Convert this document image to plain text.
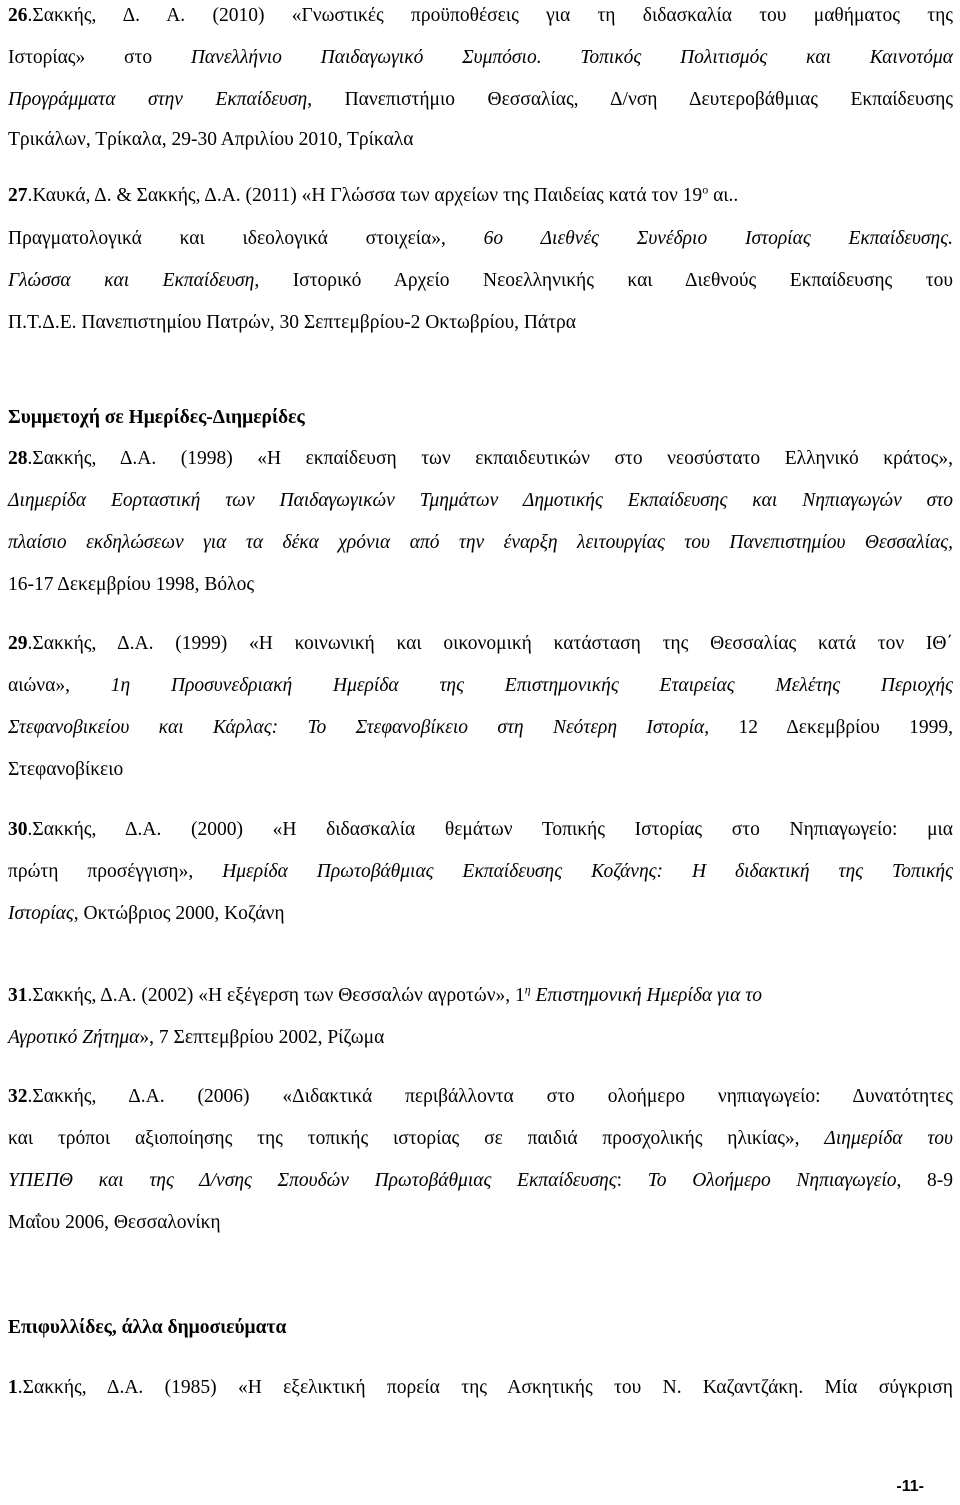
26.Σακκής, Δ. Α. (2010) «Γνωστικές προϋποθέσεις για τη διδασκαλία του μαθήματος της
Ιστορίας» στο Πανελλήνιο Παιδαγωγικό Συμπόσιο. Τοπικός Πολιτισμός και Καινοτόμα
Προγράμματα στην Εκπαίδευση, Πανεπιστήμιο Θεσσαλίας, Δ/νση Δευτεροβάθμιας Εκπαίδευσης
Τρικάλων, Τρίκαλα, 29-30 Απριλίου 2010, Τρίκαλα
27.Καυκά, Δ. & Σακκής, Δ.Α. (2011) «Η Γλώσσα των αρχείων της Παιδείας κατά τον $19^o$ αι..
Πραγματολογικά και ιδεολογικά στοιχεία», 6ο Διεθνές Συνέδριο Ιστορίας Εκπαίδευσης.
Γλώσσα και Εκπαίδευση, Ιστορικό Αρχείο Νεοελληνικής και Διεθνούς Εκπαίδευσης του
Π.Τ.Δ.Ε. Πανεπιστημίου Πατρών, 30 Σεπτεμβρίου-2 Οκτωβρίου, Πάτρα
Συμμετοχή σε Ημερίδες-Διημερίδες
28.Σακκής, Δ.Α. (1998) «Η εκπαίδευση των εκπαιδευτικών στο νεοσύστατο Ελληνικό κράτος»,
Διημερίδα Εορταστική των Παιδαγωγικών Τμημάτων Δημοτικής Εκπαίδευσης και Νηπιαγωγών στο
πλαίσιο εκδηλώσεων για τα δέκα χρόνια από την έναρξη λειτουργίας του Πανεπιστημίου Θεσσαλίας,
16-17 Δεκεμβρίου 1998, Βόλος
29.Σακκής, Δ.Α. (1999) «Η κοινωνική και οικονομική κατάσταση της Θεσσαλίας κατά τον ΙΘ΄
αιώνα», 1η Προσυνεδριακή Ημερίδα της Επιστημονικής Εταιρείας Μελέτης Περιοχής
Στεφανοβικείου και Κάρλας: Το Στεφανοβίκειο στη Νεότερη Ιστορία, 12 Δεκεμβρίου 1999,
Στεφανοβίκειο
30.Σακκής, Δ.Α. (2000) «Η διδασκαλία θεμάτων Τοπικής Ιστορίας στο Νηπιαγωγείο: μια
πρώτη προσέγγιση», Ημερίδα Πρωτοβάθμιας Εκπαίδευσης Κοζάνης: Η διδακτική της Τοπικής
Ιστορίας, Οκτώβριος 2000, Κοζάνη
31.Σακκής, Δ.Α. (2002) «Η εξέγερση των Θεσσαλών αγροτών», $1^\eta$ Επιστημονική Ημερίδα για το
Αγροτικό Ζήτημα», 7 Σεπτεμβρίου 2002, Ρίζωμα
32.Σακκής, Δ.Α. (2006) «Διδακτικά περιβάλλοντα στο ολοήμερο νηπιαγωγείο: Δυνατότητες
και τρόποι αξιοποίησης της τοπικής ιστορίας σε παιδιά προσχολικής ηλικίας», Διημερίδα του
ΥΠΕΠΘ και της Δ/νσης Σπουδών Πρωτοβάθμιας Εκπαίδευσης: Το Ολοήμερο Νηπιαγωγείο, 8-9
Μαΐου 2006, Θεσσαλονίκη
Επιφυλλίδες, άλλα δημοσιεύματα
1.Σακκής, Δ.Α. (1985) «Η εξελικτική πορεία της Ασκητικής του Ν. Καζαντζάκη. Μία σύγκριση
-11-
